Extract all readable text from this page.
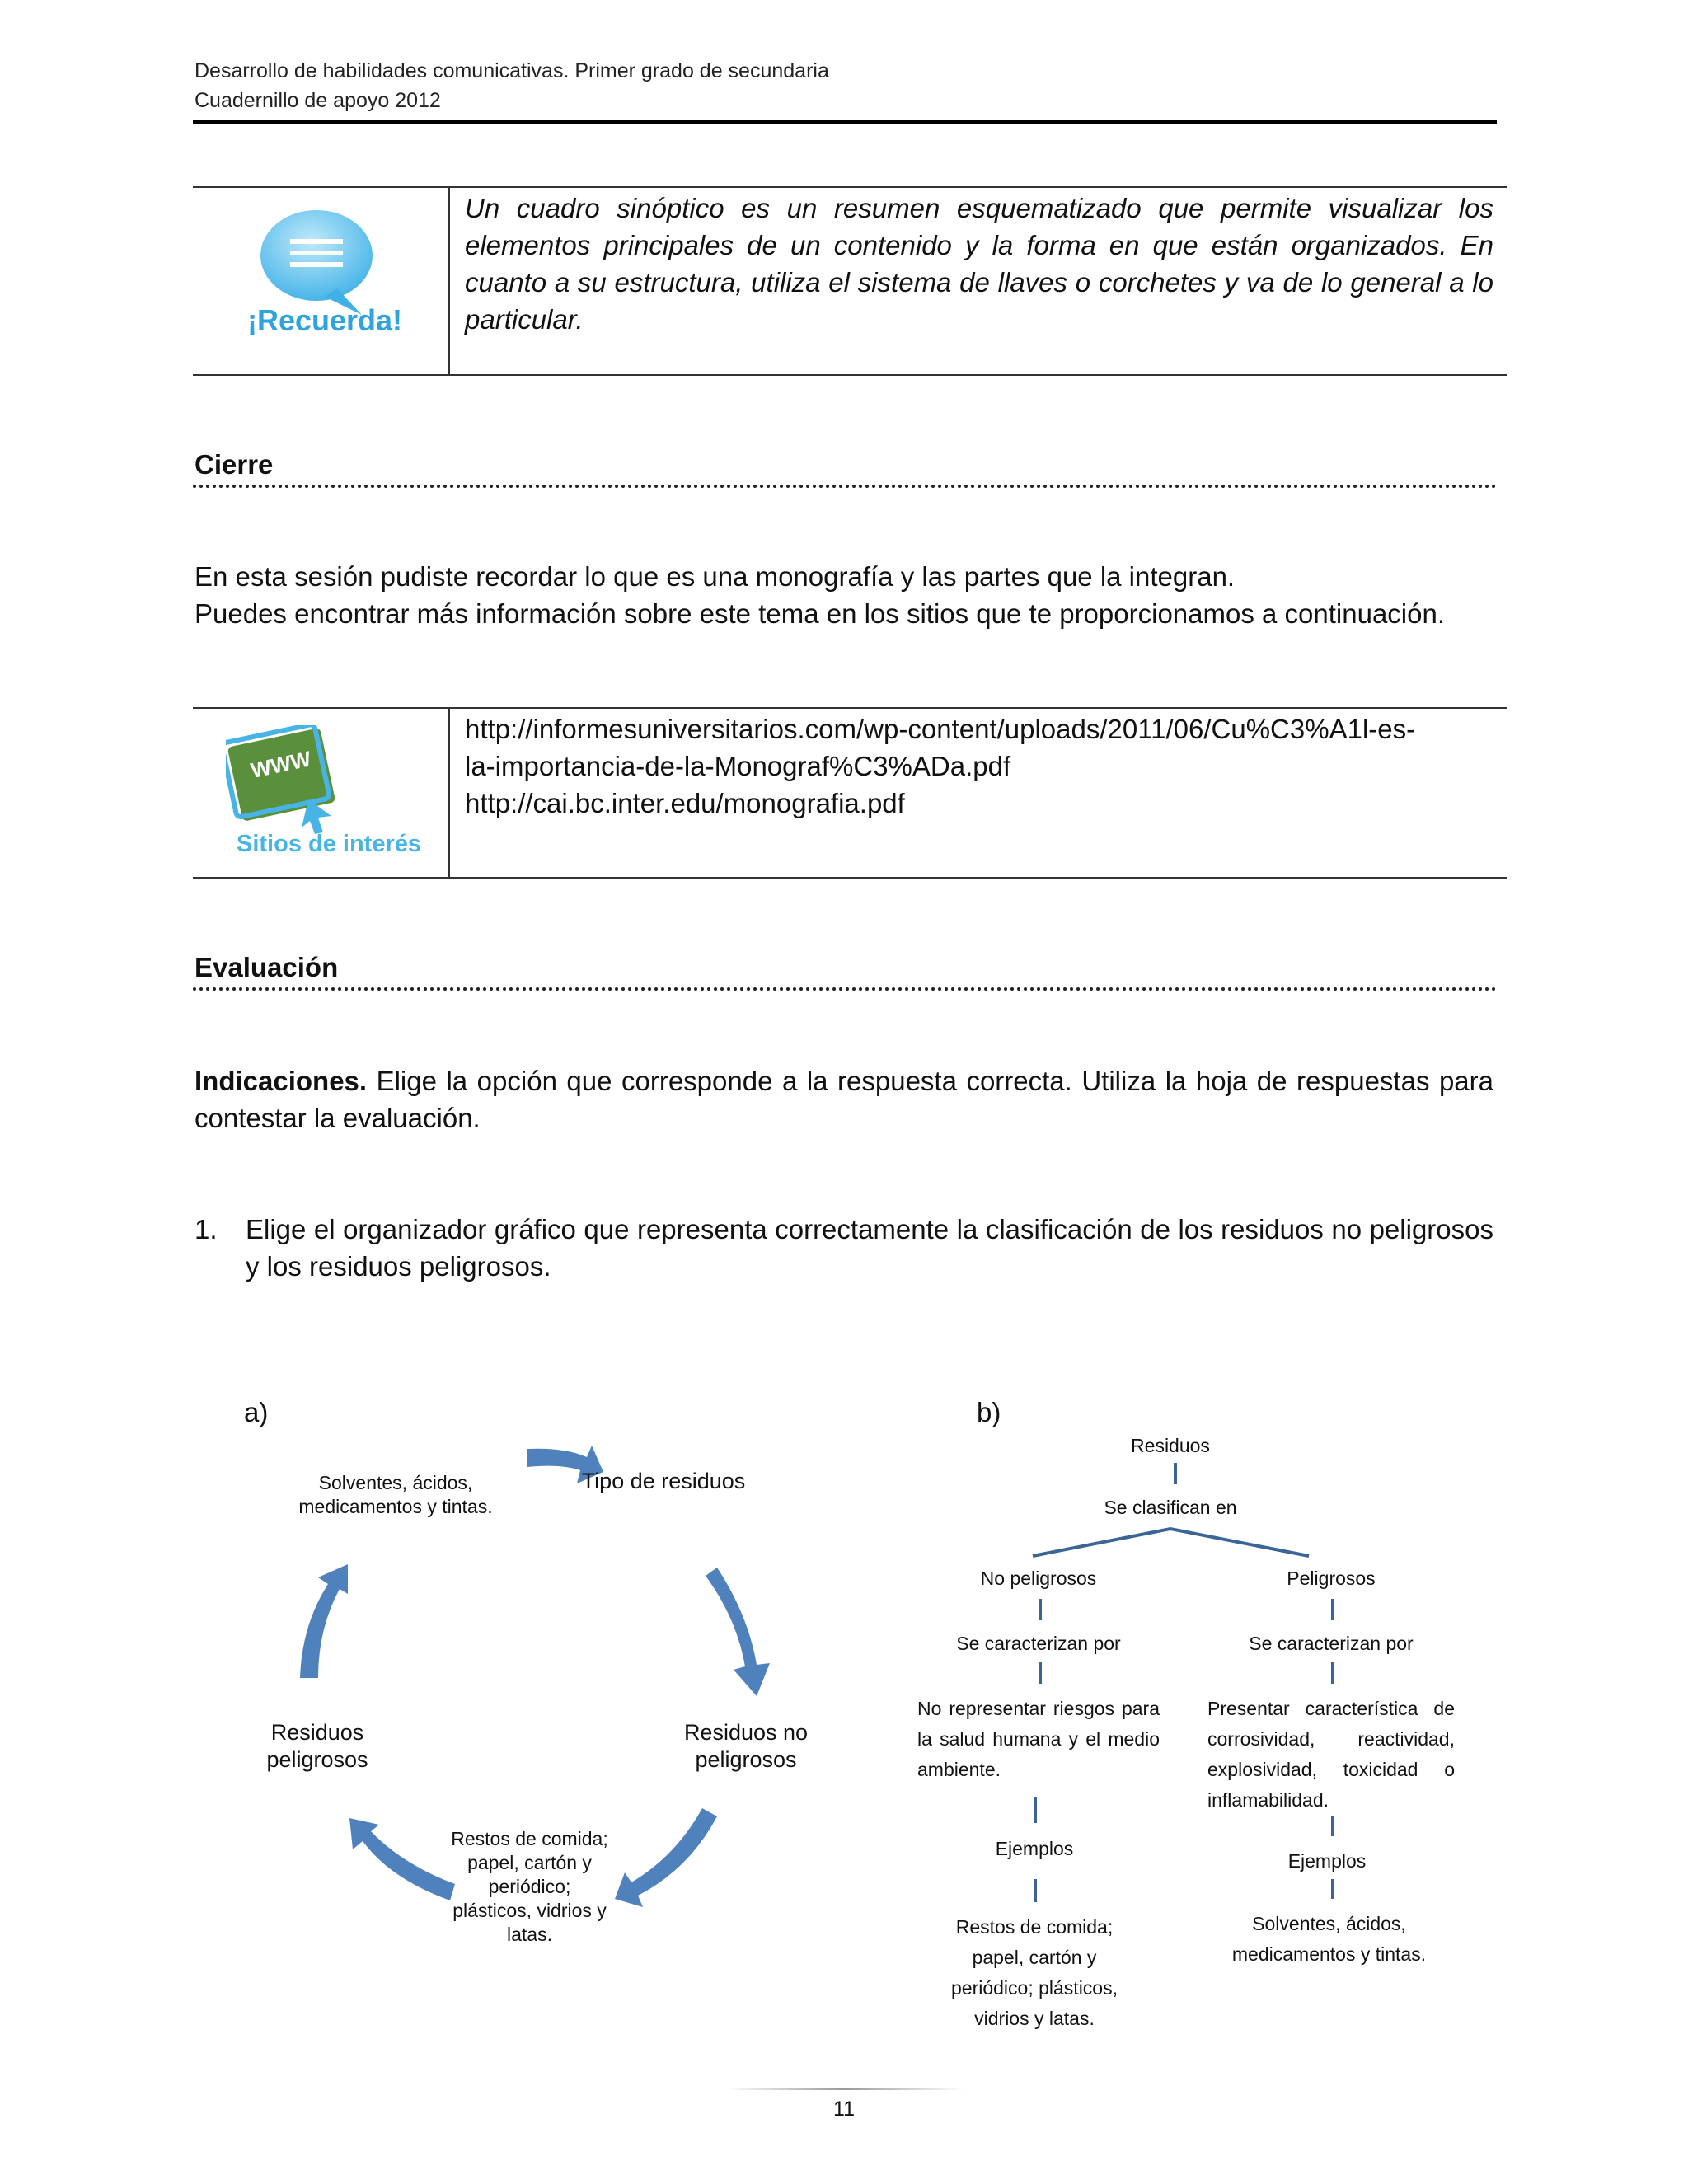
Desarrollo de habilidades comunicativas. Primer grado de secundaria
Cuadernillo de apoyo 2012
¡Recuerda!
Un cuadro sinóptico es un resumen esquematizado que permite visualizar los elementos principales de un contenido y la forma en que están organizados. En cuanto a su estructura, utiliza el sistema de llaves o corchetes y va de lo general a lo particular.
Cierre
En esta sesión pudiste recordar lo que es una monografía y las partes que la integran.
Puedes encontrar más información sobre este tema en los sitios que te proporcionamos a continuación.
WWW
Sitios de interés
http://informesuniversitarios.com/wp-content/uploads/2011/06/Cu%C3%A1l-es-
la-importancia-de-la-Monograf%C3%ADa.pdf
http://cai.bc.inter.edu/monografia.pdf
Evaluación
Indicaciones. Elige la opción que corresponde a la respuesta correcta. Utiliza la hoja de respuestas para contestar la evaluación.
1. Elige el organizador gráfico que representa correctamente la clasificación de los residuos no peligrosos y los residuos peligrosos.
a)
Solventes, ácidos, medicamentos y tintas.
Tipo de residuos
Residuos no peligrosos
Restos de comida; papel, cartón y periódico; plásticos, vidrios y latas.
Residuos peligrosos
b)
Residuos
Se clasifican en
No peligrosos	Peligrosos
Se caracterizan por	Se caracterizan por
No representar riesgos para la salud humana y el medio ambiente.
Presentar característica de corrosividad, reactividad, explosividad, toxicidad o inflamabilidad.
Ejemplos
Ejemplos
Restos de comida; papel, cartón y periódico; plásticos, vidrios y latas.
Solventes, ácidos, medicamentos y tintas.
11
